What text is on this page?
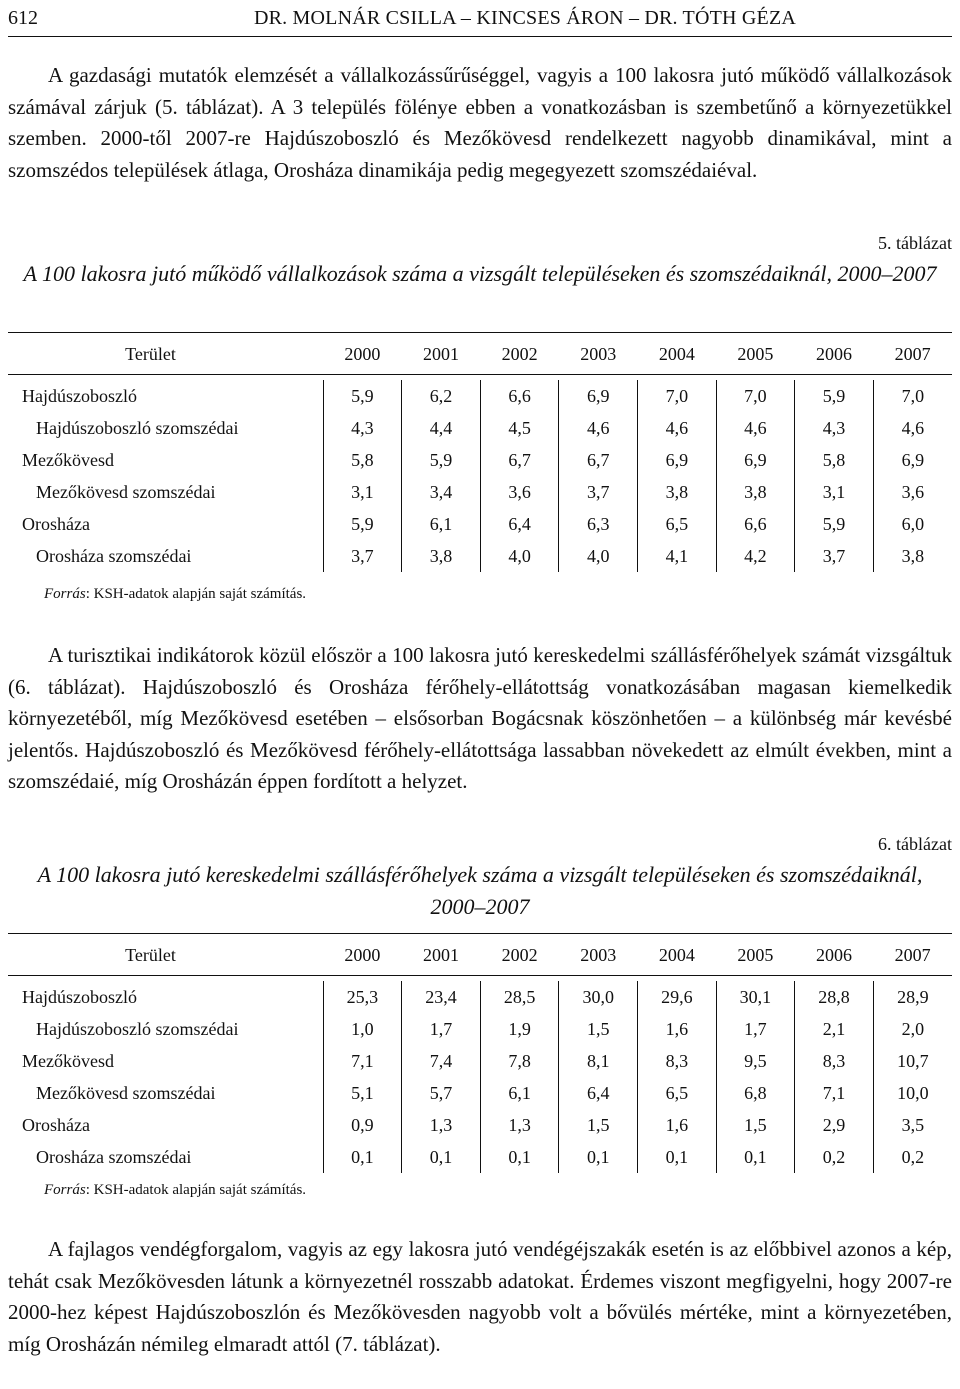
612	DR. MOLNÁR CSILLA – KINCSES ÁRON – DR. TÓTH GÉZA

A gazdasági mutatók elemzését a vállalkozássűrűséggel, vagyis a 100 lakosra jutó működő vállalkozások számával zárjuk (5. táblázat). A 3 település fölénye ebben a vonatkozásban is szembetűnő a környezetükkel szemben. 2000-től 2007-re Hajdúszoboszló és Mezőkövesd rendelkezett nagyobb dinamikával, mint a szomszédos települések átlaga, Orosháza dinamikája pedig megegyezett szomszédaiéval.

5. táblázat

A 100 lakosra jutó működő vállalkozások száma a vizsgált településeken és szomszédaiknál, 2000–2007

Terület	2000	2001	2002	2003	2004	2005	2006	2007

Hajdúszoboszló	5,9	6,2	6,6	6,9	7,0	7,0	5,9	7,0
Hajdúszoboszló szomszédai	4,3	4,4	4,5	4,6	4,6	4,6	4,3	4,6
Mezőkövesd	5,8	5,9	6,7	6,7	6,9	6,9	5,8	6,9
Mezőkövesd szomszédai	3,1	3,4	3,6	3,7	3,8	3,8	3,1	3,6
Orosháza	5,9	6,1	6,4	6,3	6,5	6,6	5,9	6,0
Orosháza szomszédai	3,7	3,8	4,0	4,0	4,1	4,2	3,7	3,8
Forrás: KSH-adatok alapján saját számítás.

A turisztikai indikátorok közül először a 100 lakosra jutó kereskedelmi szállásférőhelyek számát vizsgáltuk (6. táblázat). Hajdúszoboszló és Orosháza férőhely-ellátottság vonatkozásában magasan kiemelkedik környezetéből, míg Mezőkövesd esetében – elsősorban Bogácsnak köszönhetően – a különbség már kevésbé jelentős. Hajdúszoboszló és Mezőkövesd férőhely-ellátottsága lassabban növekedett az elmúlt években, mint a szomszédaié, míg Orosházán éppen fordított a helyzet.

6. táblázat

A 100 lakosra jutó kereskedelmi szállásférőhelyek száma a vizsgált településeken és szomszédaiknál, 2000–2007

Terület	2000	2001	2002	2003	2004	2005	2006	2007

Hajdúszoboszló	25,3	23,4	28,5	30,0	29,6	30,1	28,8	28,9
Hajdúszoboszló szomszédai	1,0	1,7	1,9	1,5	1,6	1,7	2,1	2,0
Mezőkövesd	7,1	7,4	7,8	8,1	8,3	9,5	8,3	10,7
Mezőkövesd szomszédai	5,1	5,7	6,1	6,4	6,5	6,8	7,1	10,0
Orosháza	0,9	1,3	1,3	1,5	1,6	1,5	2,9	3,5
Orosháza szomszédai	0,1	0,1	0,1	0,1	0,1	0,1	0,2	0,2
Forrás: KSH-adatok alapján saját számítás.

A fajlagos vendégforgalom, vagyis az egy lakosra jutó vendégéjszakák esetén is az előbbivel azonos a kép, tehát csak Mezőkövesden látunk a környezetnél rosszabb adatokat. Érdemes viszont megfigyelni, hogy 2007-re 2000-hez képest Hajdúszoboszlón és Mezőkövesden nagyobb volt a bővülés mértéke, mint a környezetében, míg Orosházán némileg elmaradt attól (7. táblázat).
